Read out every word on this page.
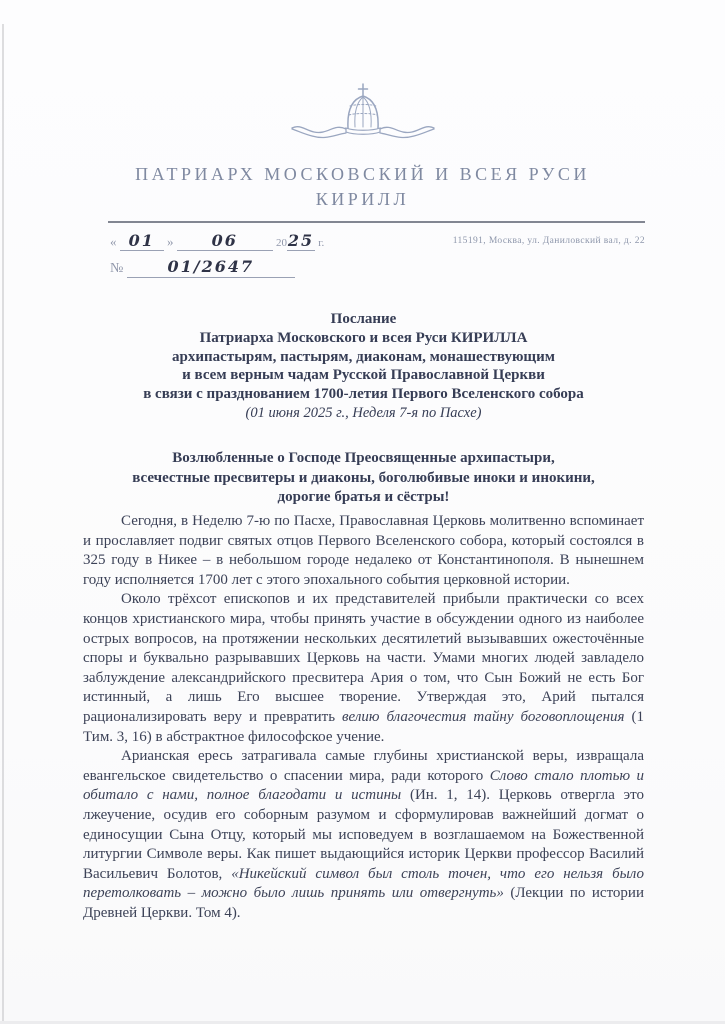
ПАТРИАРХ МОСКОВСКИЙ И ВСЕЯ РУСИ
КИРИЛЛ
« 01 » 06	2025 г.	115191, Москва, ул. Даниловский вал, д. 22
№	01/2647
Послание
Патриарха Московского и всея Руси КИРИЛЛА
архипастырям, пастырям, диаконам, монашествующим
и всем верным чадам Русской Православной Церкви
в связи с празднованием 1700-летия Первого Вселенского собора
(01 июня 2025 г., Неделя 7-я по Пасхе)
Возлюбленные о Господе Преосвященные архипастыри,
всечестные пресвитеры и диаконы, боголюбивые иноки и инокини,
дорогие братья и сёстры!

Сегодня, в Неделю 7-ю по Пасхе, Православная Церковь молитвенно вспоминает и прославляет подвиг святых отцов Первого Вселенского собора, который состоялся в 325 году в Никее – в небольшом городе недалеко от Константинополя. В нынешнем году исполняется 1700 лет с этого эпохального события церковной истории.

Около трёхсот епископов и их представителей прибыли практически со всех концов христианского мира, чтобы принять участие в обсуждении одного из наиболее острых вопросов, на протяжении нескольких десятилетий вызывавших ожесточённые споры и буквально разрывавших Церковь на части. Умами многих людей завладело заблуждение александрийского пресвитера Ария о том, что Сын Божий не есть Бог истинный, а лишь Его высшее творение. Утверждая это, Арий пытался рационализировать веру и превратить велию благочестия тайну боговоплощения (1 Тим. 3, 16) в абстрактное философское учение.

Арианская ересь затрагивала самые глубины христианской веры, извращала евангельское свидетельство о спасении мира, ради которого Слово стало плотью и обитало с нами, полное благодати и истины (Ин. 1, 14). Церковь отвергла это лжеучение, осудив его соборным разумом и сформулировав важнейший догмат о единосущии Сына Отцу, который мы исповедуем в возглашаемом на Божественной литургии Символе веры. Как пишет выдающийся историк Церкви профессор Василий Васильевич Болотов, «Никейский символ был столь точен, что его нельзя было перетолковать – можно было лишь принять или отвергнуть» (Лекции по истории Древней Церкви. Том 4).
